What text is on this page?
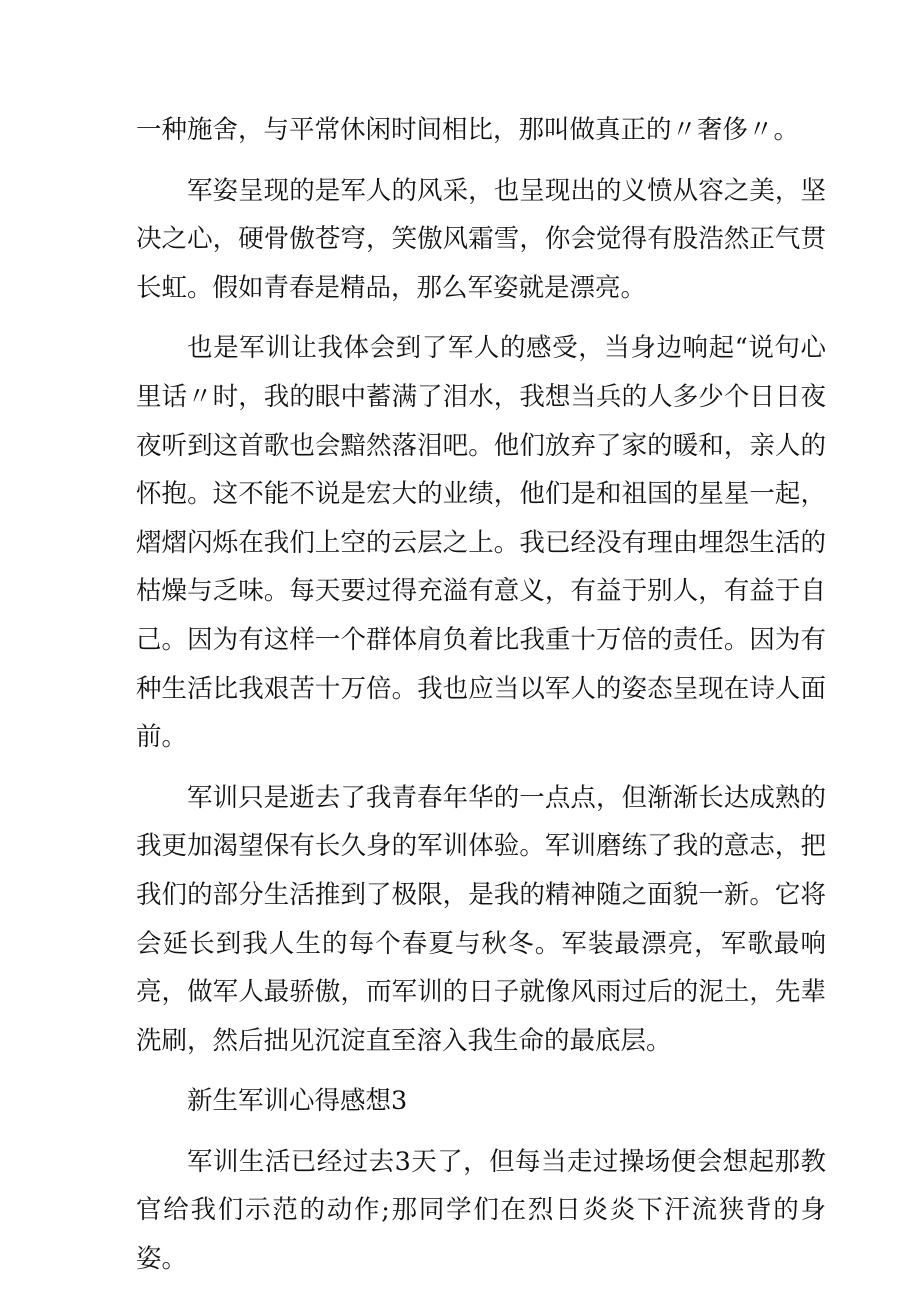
一种施舍，与平常休闲时间相比，那叫做真正的〃奢侈〃。

军姿呈现的是军人的风采，也呈现出的义愤从容之美，坚决之心，硬骨傲苍穹，笑傲风霜雪，你会觉得有股浩然正气贯长虹。假如青春是精品，那么军姿就是漂亮。

也是军训让我体会到了军人的感受，当身边响起“说句心里话〃时，我的眼中蓄满了泪水，我想当兵的人多少个日日夜夜听到这首歌也会黯然落泪吧。他们放弃了家的暖和，亲人的怀抱。这不能不说是宏大的业绩，他们是和祖国的星星一起，熠熠闪烁在我们上空的云层之上。我已经没有理由埋怨生活的枯燥与乏味。每天要过得充溢有意义，有益于别人，有益于自己。因为有这样一个群体肩负着比我重十万倍的责任。因为有种生活比我艰苦十万倍。我也应当以军人的姿态呈现在诗人面前。

军训只是逝去了我青春年华的一点点，但渐渐长达成熟的我更加渴望保有长久身的军训体验。军训磨练了我的意志，把我们的部分生活推到了极限，是我的精神随之面貌一新。它将会延长到我人生的每个春夏与秋冬。军装最漂亮，军歌最响亮，做军人最骄傲，而军训的日子就像风雨过后的泥土，先辈洗刷，然后拙见沉淀直至溶入我生命的最底层。

新生军训心得感想3

军训生活已经过去3天了，但每当走过操场便会想起那教官给我们示范的动作;那同学们在烈日炎炎下汗流狭背的身姿。
